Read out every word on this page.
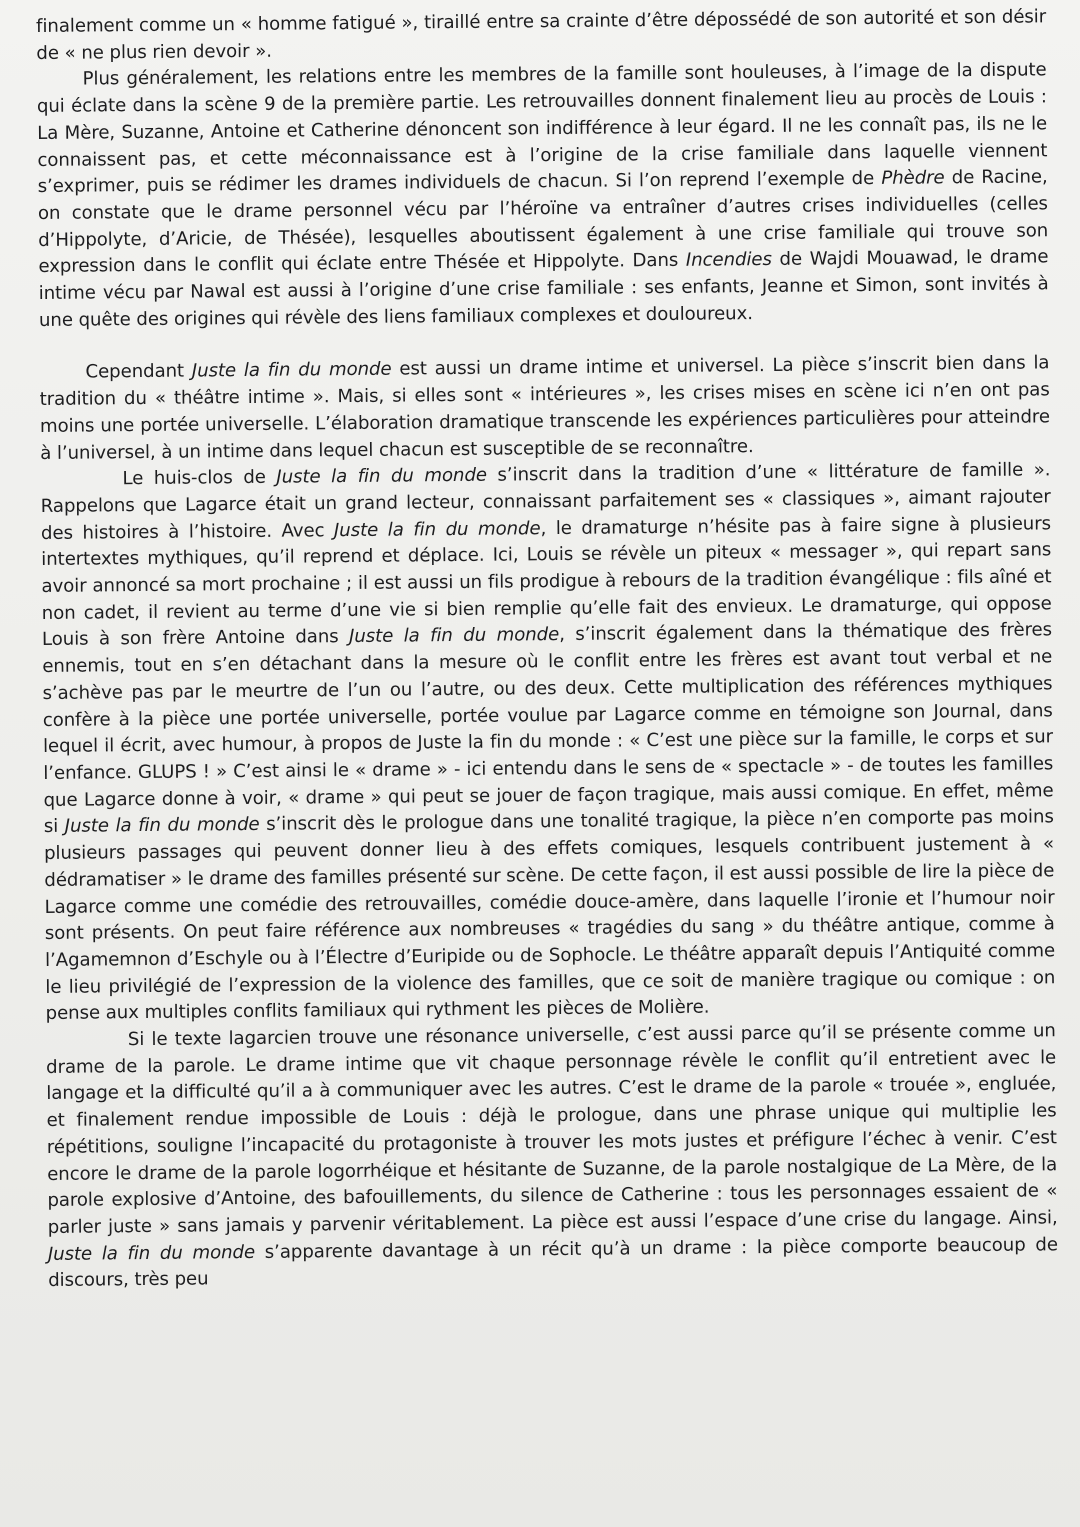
finalement comme un « homme fatigué », tiraillé entre sa crainte d’être dépossédé de son autorité et son désir de « ne plus rien devoir ».

Plus généralement, les relations entre les membres de la famille sont houleuses, à l’image de la dispute qui éclate dans la scène 9 de la première partie. Les retrouvailles donnent finalement lieu au procès de Louis : La Mère, Suzanne, Antoine et Catherine dénoncent son indifférence à leur égard. Il ne les connaît pas, ils ne le connaissent pas, et cette méconnaissance est à l’origine de la crise familiale dans laquelle viennent s’exprimer, puis se rédimer les drames individuels de chacun. Si l’on reprend l’exemple de Phèdre de Racine, on constate que le drame personnel vécu par l’héroïne va entraîner d’autres crises individuelles (celles d’Hippolyte, d’Aricie, de Thésée), lesquelles aboutissent également à une crise familiale qui trouve son expression dans le conflit qui éclate entre Thésée et Hippolyte. Dans Incendies de Wajdi Mouawad, le drame intime vécu par Nawal est aussi à l’origine d’une crise familiale : ses enfants, Jeanne et Simon, sont invités à une quête des origines qui révèle des liens familiaux complexes et douloureux.

Cependant Juste la fin du monde est aussi un drame intime et universel. La pièce s’inscrit bien dans la tradition du « théâtre intime ». Mais, si elles sont « intérieures », les crises mises en scène ici n’en ont pas moins une portée universelle. L’élaboration dramatique transcende les expériences particulières pour atteindre à l’universel, à un intime dans lequel chacun est susceptible de se reconnaître.

Le huis-clos de Juste la fin du monde s’inscrit dans la tradition d’une « littérature de famille ». Rappelons que Lagarce était un grand lecteur, connaissant parfaitement ses « classiques », aimant rajouter des histoires à l’histoire. Avec Juste la fin du monde, le dramaturge n’hésite pas à faire signe à plusieurs intertextes mythiques, qu’il reprend et déplace. Ici, Louis se révèle un piteux « messager », qui repart sans avoir annoncé sa mort prochaine ; il est aussi un fils prodigue à rebours de la tradition évangélique : fils aîné et non cadet, il revient au terme d’une vie si bien remplie qu’elle fait des envieux. Le dramaturge, qui oppose Louis à son frère Antoine dans Juste la fin du monde, s’inscrit également dans la thématique des frères ennemis, tout en s’en détachant dans la mesure où le conflit entre les frères est avant tout verbal et ne s’achève pas par le meurtre de l’un ou l’autre, ou des deux. Cette multiplication des références mythiques confère à la pièce une portée universelle, portée voulue par Lagarce comme en témoigne son Journal, dans lequel il écrit, avec humour, à propos de Juste la fin du monde : « C’est une pièce sur la famille, le corps et sur l’enfance. GLUPS ! » C’est ainsi le « drame » - ici entendu dans le sens de « spectacle » - de toutes les familles que Lagarce donne à voir, « drame » qui peut se jouer de façon tragique, mais aussi comique. En effet, même si Juste la fin du monde s’inscrit dès le prologue dans une tonalité tragique, la pièce n’en comporte pas moins plusieurs passages qui peuvent donner lieu à des effets comiques, lesquels contribuent justement à « dédramatiser » le drame des familles présenté sur scène. De cette façon, il est aussi possible de lire la pièce de Lagarce comme une comédie des retrouvailles, comédie douce-amère, dans laquelle l’ironie et l’humour noir sont présents. On peut faire référence aux nombreuses « tragédies du sang » du théâtre antique, comme à l’Agamemnon d’Eschyle ou à l’Électre d’Euripide ou de Sophocle. Le théâtre apparaît depuis l’Antiquité comme le lieu privilégié de l’expression de la violence des familles, que ce soit de manière tragique ou comique : on pense aux multiples conflits familiaux qui rythment les pièces de Molière.

Si le texte lagarcien trouve une résonance universelle, c’est aussi parce qu’il se présente comme un drame de la parole. Le drame intime que vit chaque personnage révèle le conflit qu’il entretient avec le langage et la difficulté qu’il a à communiquer avec les autres. C’est le drame de la parole « trouée », engluée, et finalement rendue impossible de Louis : déjà le prologue, dans une phrase unique qui multiplie les répétitions, souligne l’incapacité du protagoniste à trouver les mots justes et préfigure l’échec à venir. C’est encore le drame de la parole logorrhéique et hésitante de Suzanne, de la parole nostalgique de La Mère, de la parole explosive d’Antoine, des bafouillements, du silence de Catherine : tous les personnages essaient de « parler juste » sans jamais y parvenir véritablement. La pièce est aussi l’espace d’une crise du langage. Ainsi, Juste la fin du monde s’apparente davantage à un récit qu’à un drame : la pièce comporte beaucoup de discours, très peu
